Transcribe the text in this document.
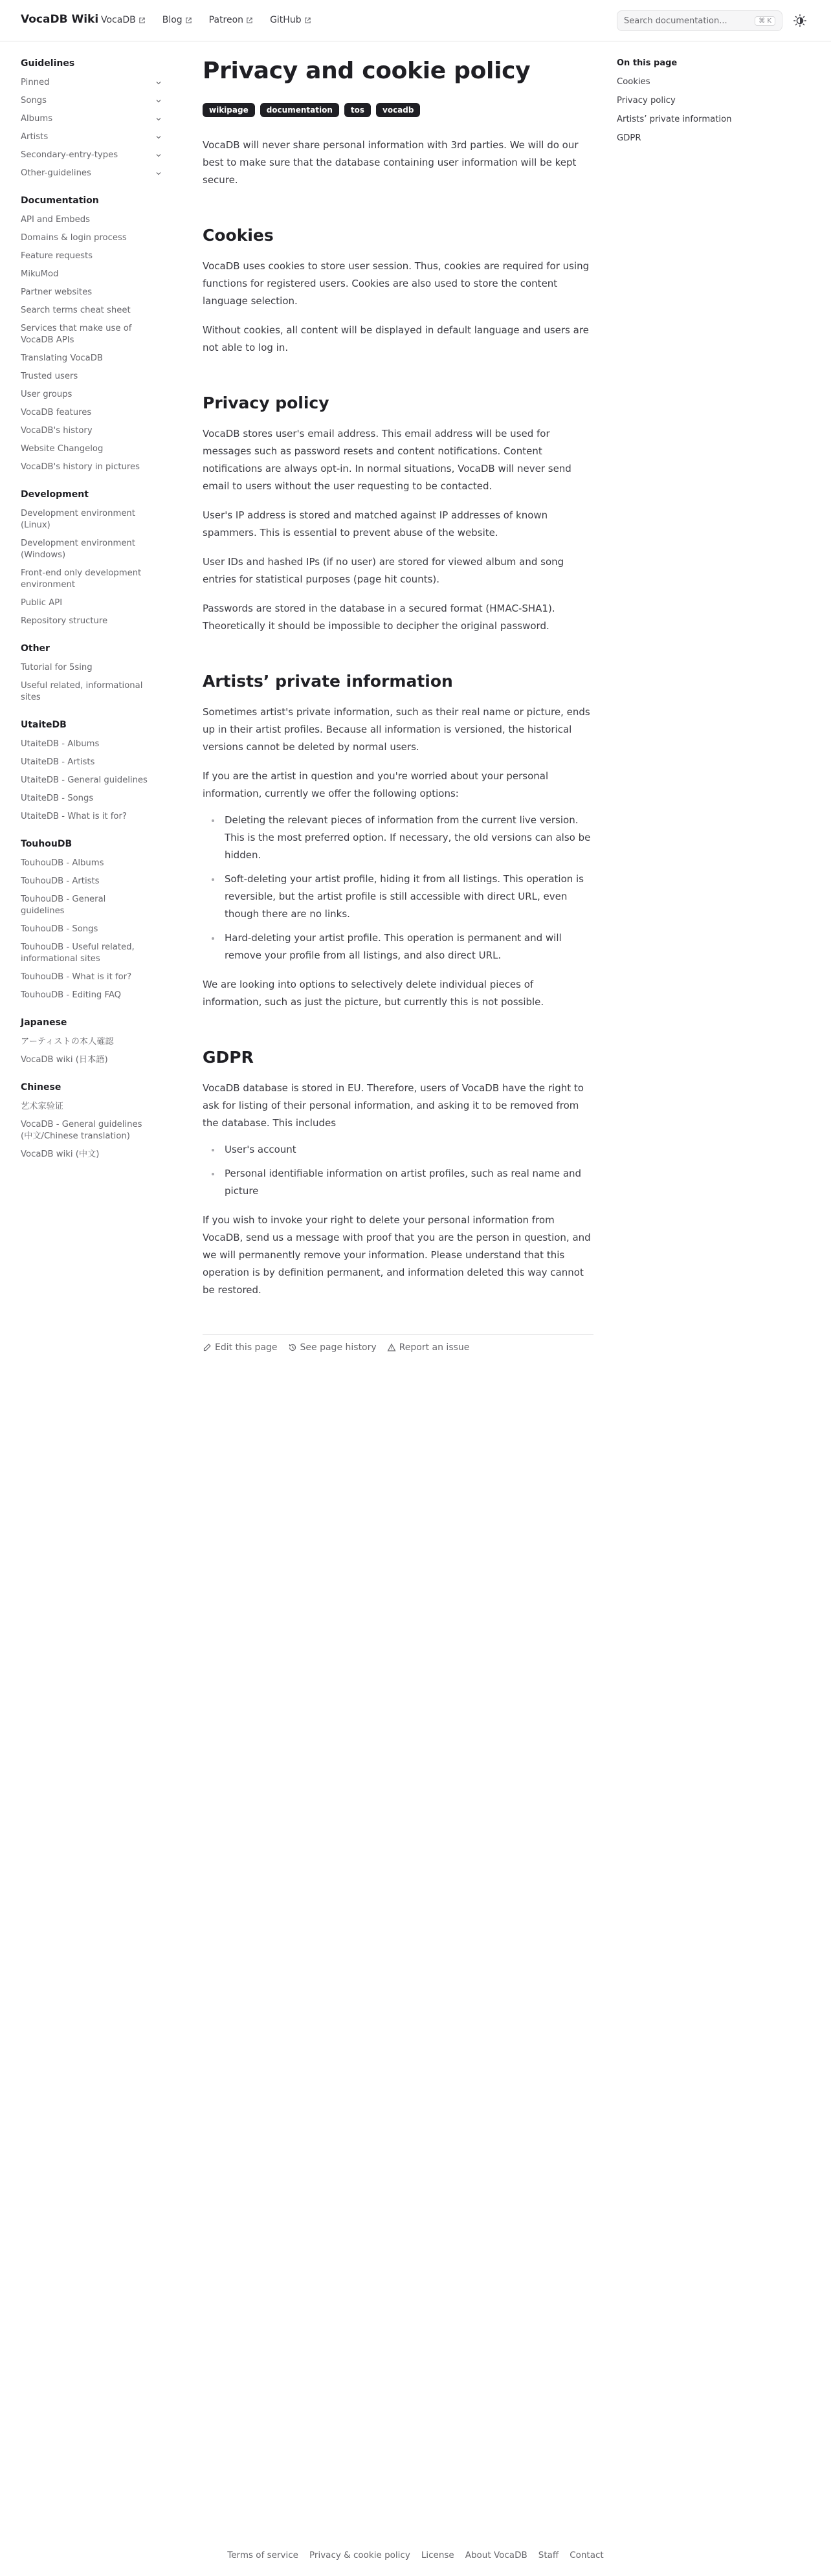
VocaDB Wiki VocaDB	Blog	Patreon	GitHub	Search documentation...	⌘ K
Guidelines
Pinned
Songs
Albums
Artists
Secondary-entry-types
Other-guidelines
Documentation
API and Embeds
Domains & login process
Feature requests
MikuMod
Partner websites
Search terms cheat sheet
Services that make use of VocaDB APIs
Translating VocaDB
Trusted users
User groups
VocaDB features
VocaDB's history
Website Changelog
VocaDB's history in pictures
Development
Development environment (Linux)
Development environment (Windows)
Front-end only development environment
Public API
Repository structure
Other
Tutorial for 5sing
Useful related, informational sites
UtaiteDB
UtaiteDB - Albums
UtaiteDB - Artists
UtaiteDB - General guidelines
UtaiteDB - Songs
UtaiteDB - What is it for?
TouhouDB
TouhouDB - Albums
TouhouDB - Artists
TouhouDB - General guidelines
TouhouDB - Songs
TouhouDB - Useful related, informational sites
TouhouDB - What is it for?
TouhouDB - Editing FAQ
Japanese
アーティストの本人確認
VocaDB wiki (日本語)
Chinese
艺术家验证
VocaDB - General guidelines (中文/Chinese translation)
VocaDB wiki (中文)
Privacy and cookie policy
wikipage	documentation	tos	vocadb

VocaDB will never share personal information with 3rd parties. We will do our best to make sure that the database containing user information will be kept secure.

Cookies

VocaDB uses cookies to store user session. Thus, cookies are required for using functions for registered users. Cookies are also used to store the content language selection.

Without cookies, all content will be displayed in default language and users are not able to log in.

Privacy policy

VocaDB stores user's email address. This email address will be used for messages such as password resets and content notifications. Content notifications are always opt-in. In normal situations, VocaDB will never send email to users without the user requesting to be contacted.

User's IP address is stored and matched against IP addresses of known spammers. This is essential to prevent abuse of the website.

User IDs and hashed IPs (if no user) are stored for viewed album and song entries for statistical purposes (page hit counts).

Passwords are stored in the database in a secured format (HMAC-SHA1). Theoretically it should be impossible to decipher the original password.

Artists’ private information

Sometimes artist's private information, such as their real name or picture, ends up in their artist profiles. Because all information is versioned, the historical versions cannot be deleted by normal users.

If you are the artist in question and you're worried about your personal information, currently we offer the following options:

Deleting the relevant pieces of information from the current live version. This is the most preferred option. If necessary, the old versions can also be hidden.
Soft-deleting your artist profile, hiding it from all listings. This operation is reversible, but the artist profile is still accessible with direct URL, even though there are no links.
Hard-deleting your artist profile. This operation is permanent and will remove your profile from all listings, and also direct URL.

We are looking into options to selectively delete individual pieces of information, such as just the picture, but currently this is not possible.

GDPR

VocaDB database is stored in EU. Therefore, users of VocaDB have the right to ask for listing of their personal information, and asking it to be removed from the database. This includes

User's account
Personal identifiable information on artist profiles, such as real name and picture

If you wish to invoke your right to delete your personal information from VocaDB, send us a message with proof that you are the person in question, and we will permanently remove your information. Please understand that this operation is by definition permanent, and information deleted this way cannot be restored.

Edit this page	See page history	Report an issue
On this page
Cookies
Privacy policy
Artists’ private information
GDPR
Terms of service Privacy & cookie policy License About VocaDB Staff Contact
